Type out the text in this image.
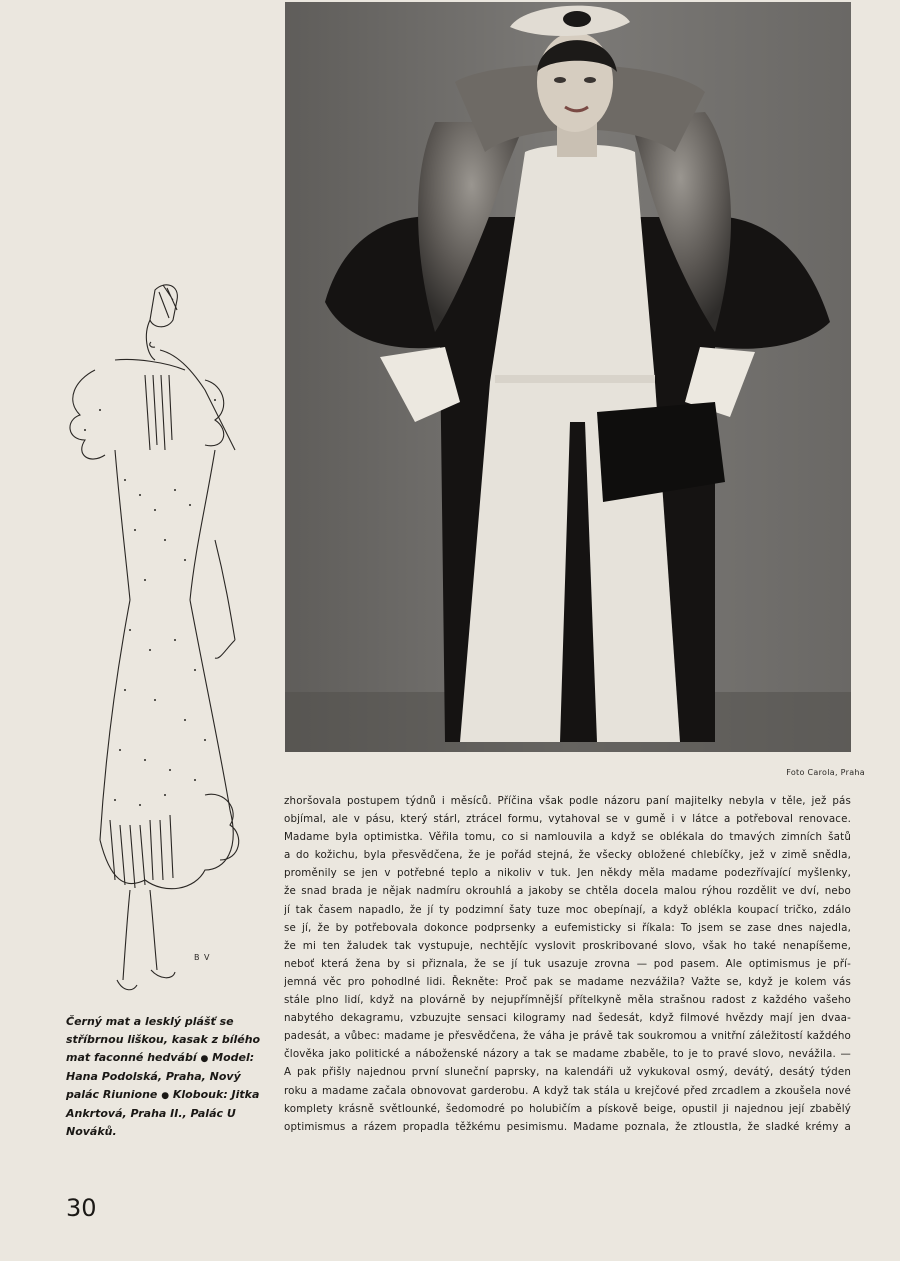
Foto Carola, Praha
B V
Černý mat a lesklý plášť se stříbrnou liškou, kasak z bílého mat faconné hedvábí ● Model: Hana Podolská, Praha, Nový palác Riunione ● Klobouk: Jitka Ankrtová, Praha II., Palác U Nováků.
zhoršovala postupem týdnů i měsíců. Příčina však podle názoru paní majitelky nebyla v těle, jež pás
objímal, ale v pásu, který stárl, ztrácel formu, vytahoval se v gumě i v látce a potřeboval renovace.
Madame byla optimistka. Věřila tomu, co si namlouvila a když se oblékala do tmavých zimních šatů
a do kožichu, byla přesvědčena, že je pořád stejná, že všecky obložené chlebíčky, jež v zimě snědla,
proměnily se jen v potřebné teplo a nikoliv v tuk. Jen někdy měla madame podezřívající myšlenky,
že snad brada je nějak nadmíru okrouhlá a jakoby se chtěla docela malou rýhou rozdělit ve dví, nebo
jí tak časem napadlo, že jí ty podzimní šaty tuze moc obepínají, a když oblékla koupací tričko, zdálo
se jí, že by potřebovala dokonce podprsenky a eufemisticky si říkala: To jsem se zase dnes najedla,
že mi ten žaludek tak vystupuje, nechtějíc vyslovit proskribované slovo, však ho také nenapíšeme,
neboť která žena by si přiznala, že se jí tuk usazuje zrovna — pod pasem. Ale optimismus je pří-
jemná věc pro pohodlné lidi. Řekněte: Proč pak se madame nezvážila? Važte se, když je kolem vás
stále plno lidí, když na plovárně by nejupřímnější přítelkyně měla strašnou radost z každého vašeho
nabytého dekagramu, vzbuzujte sensaci kilogramy nad šedesát, když filmové hvězdy mají jen dvaa-
padesát, a vůbec: madame je přesvědčena, že váha je právě tak soukromou a vnitřní záležitostí každého
člověka jako politické a náboženské názory a tak se madame zbaběle, to je to pravé slovo, nevážila. —
A pak přišly najednou první sluneční paprsky, na kalendáři už vykukoval osmý, devátý, desátý týden
roku a madame začala obnovovat garderobu. A když tak stála u krejčové před zrcadlem a zkoušela nové
komplety krásně světlounké, šedomodré po holubičím a pískově beige, opustil ji najednou její zbabělý
optimismus a rázem propadla těžkému pesimismu. Madame poznala, že ztloustla, že sladké krémy a
30
